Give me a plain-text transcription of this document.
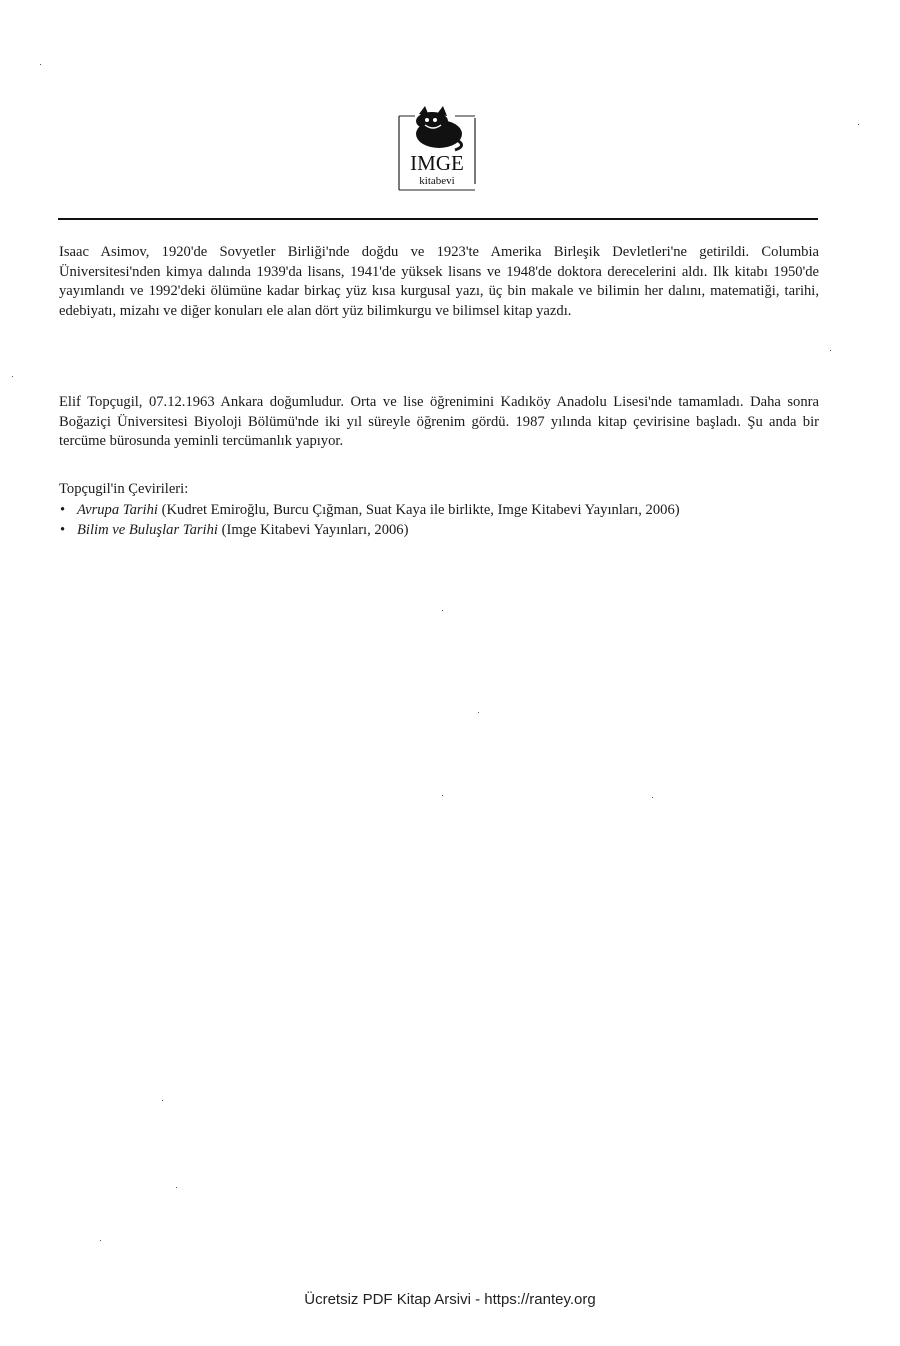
IMGE
kitabevi

Isaac Asimov, 1920'de Sovyetler Birliği'nde doğdu ve 1923'te Amerika Birleşik Devletleri'ne getirildi. Columbia Üniversitesi'nden kimya dalında 1939'da lisans, 1941'de yüksek lisans ve 1948'de doktora derecelerini aldı. Ilk kitabı 1950'de yayımlandı ve 1992'deki ölümüne kadar birkaç yüz kısa kurgusal yazı, üç bin makale ve bilimin her dalını, matematiği, tarihi, edebiyatı, mizahı ve diğer konuları ele alan dört yüz bilimkurgu ve bilimsel kitap yazdı.

Elif Topçugil, 07.12.1963 Ankara doğumludur. Orta ve lise öğrenimini Kadıköy Anadolu Lisesi'nde tamamladı. Daha sonra Boğaziçi Üniversitesi Biyoloji Bölümü'nde iki yıl süreyle öğrenim gördü. 1987 yılında kitap çevirisine başladı. Şu anda bir tercüme bürosunda yeminli tercümanlık yapıyor.

Topçugil'in Çevirileri:

• Avrupa Tarihi (Kudret Emiroğlu, Burcu Çığman, Suat Kaya ile birlikte, Imge Kitabevi Yayınları, 2006)
• Bilim ve Buluşlar Tarihi (Imge Kitabevi Yayınları, 2006)
Ücretsiz PDF Kitap Arsivi - https://rantey.org
